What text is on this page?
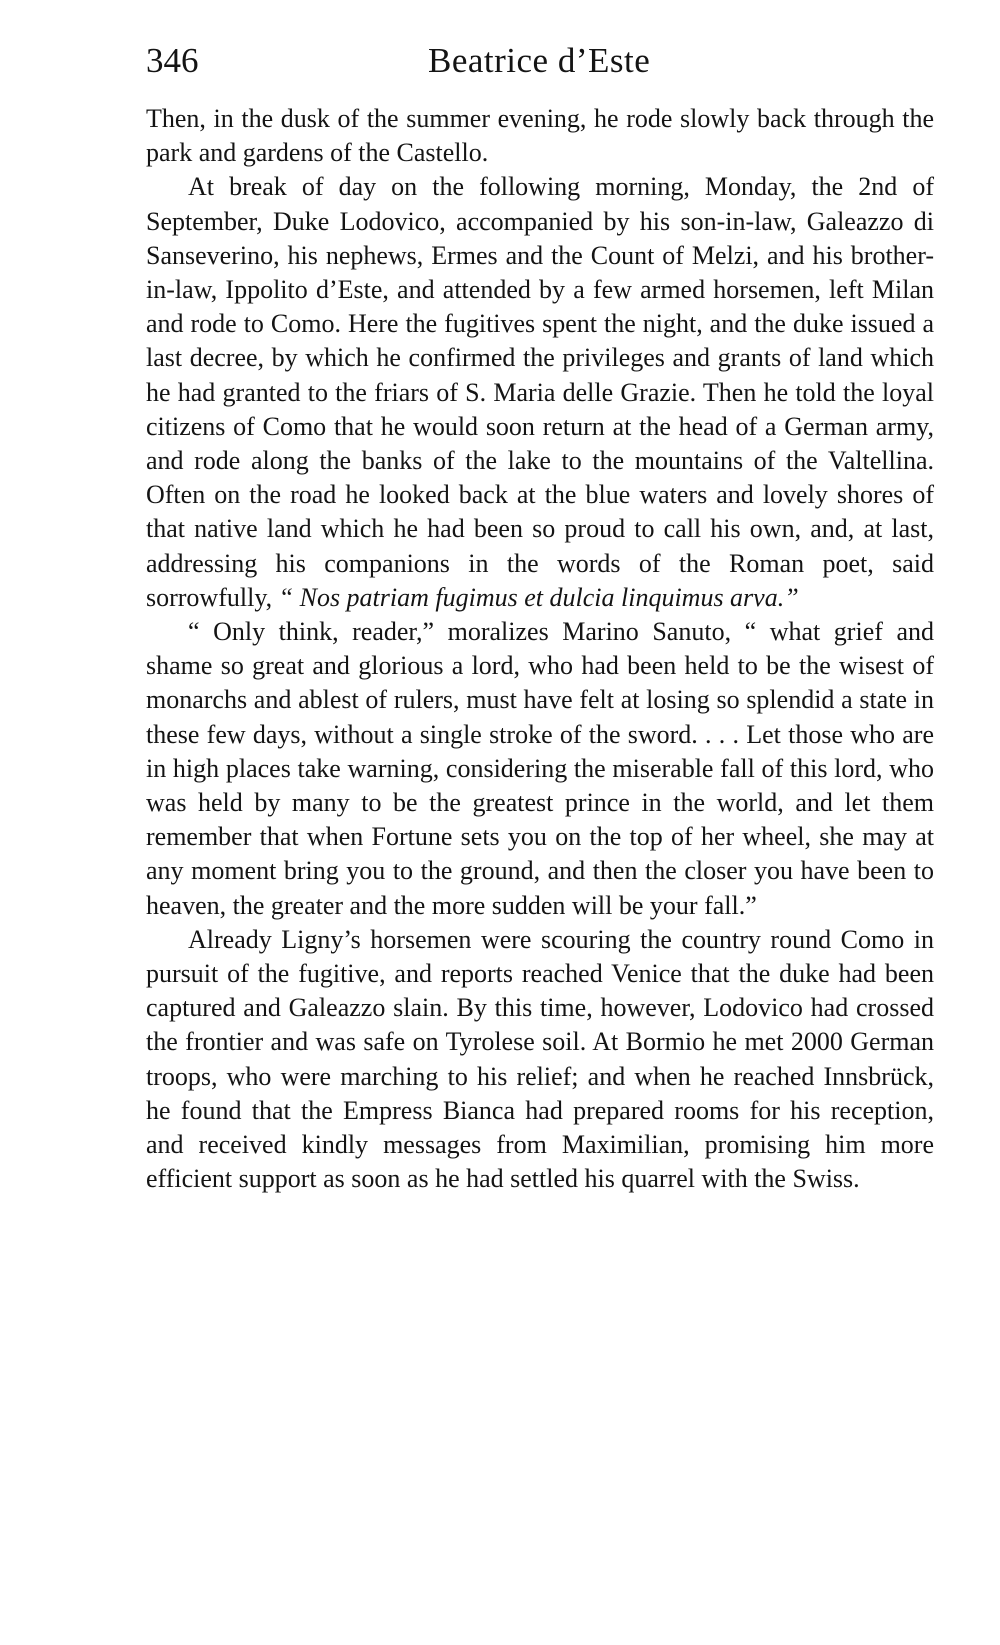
346	Beatrice d’Este

Then, in the dusk of the summer evening, he rode slowly back through the park and gardens of the Castello.

At break of day on the following morning, Monday, the 2nd of September, Duke Lodovico, accompanied by his son-in-law, Galeazzo di Sanseverino, his nephews, Ermes and the Count of Melzi, and his brother-in-law, Ippolito d’Este, and attended by a few armed horsemen, left Milan and rode to Como. Here the fugitives spent the night, and the duke issued a last decree, by which he confirmed the privileges and grants of land which he had granted to the friars of S. Maria delle Grazie. Then he told the loyal citizens of Como that he would soon return at the head of a German army, and rode along the banks of the lake to the mountains of the Valtellina. Often on the road he looked back at the blue waters and lovely shores of that native land which he had been so proud to call his own, and, at last, addressing his companions in the words of the Roman poet, said sorrowfully, “ Nos patriam fugimus et dulcia linquimus arva.”

“ Only think, reader,” moralizes Marino Sanuto, “ what grief and shame so great and glorious a lord, who had been held to be the wisest of monarchs and ablest of rulers, must have felt at losing so splendid a state in these few days, without a single stroke of the sword. . . . Let those who are in high places take warning, considering the miserable fall of this lord, who was held by many to be the greatest prince in the world, and let them remember that when Fortune sets you on the top of her wheel, she may at any moment bring you to the ground, and then the closer you have been to heaven, the greater and the more sudden will be your fall.”

Already Ligny’s horsemen were scouring the country round Como in pursuit of the fugitive, and reports reached Venice that the duke had been captured and Galeazzo slain. By this time, however, Lodovico had crossed the frontier and was safe on Tyrolese soil. At Bormio he met 2000 German troops, who were marching to his relief; and when he reached Innsbrück, he found that the Empress Bianca had prepared rooms for his reception, and received kindly messages from Maximilian, promising him more efficient support as soon as he had settled his quarrel with the Swiss.
